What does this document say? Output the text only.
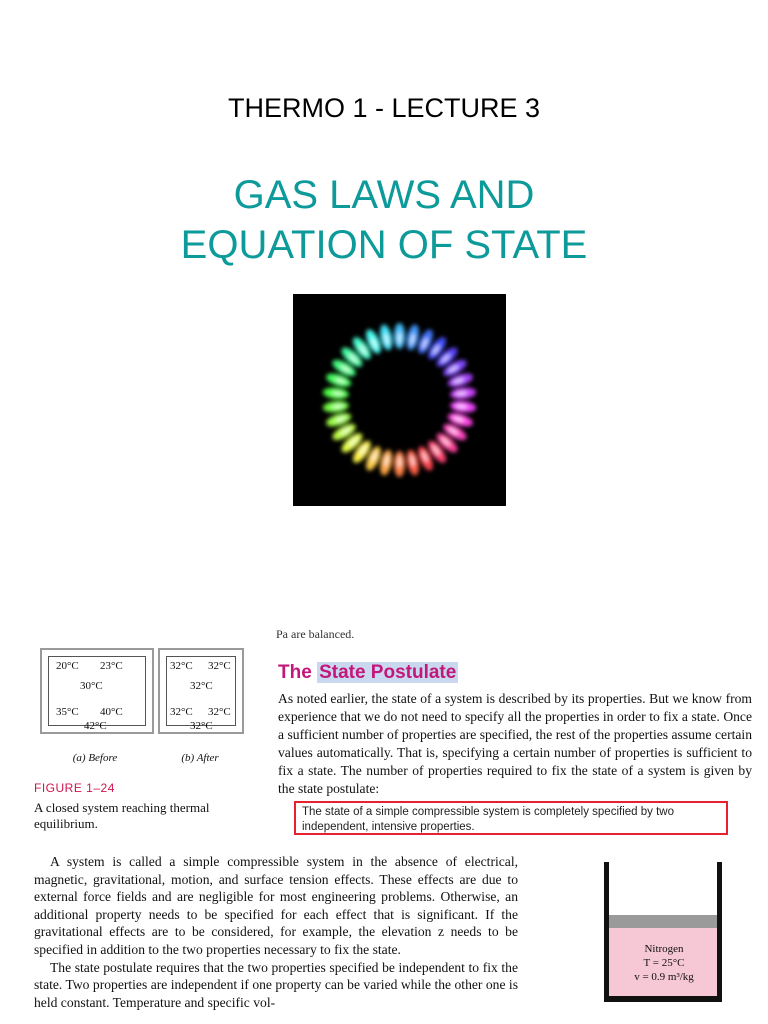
THERMO 1 - LECTURE 3
GAS LAWS AND
EQUATION OF STATE
Pa are balanced.
20°C 23°C
30°C
35°C 40°C
42°C
(a) Before
32°C 32°C
32°C
32°C 32°C
32°C
(b) After
FIGURE 1–24
A closed system reaching thermal equilibrium.
The State Postulate
As noted earlier, the state of a system is described by its properties. But we know from experience that we do not need to specify all the properties in order to fix a state. Once a sufficient number of properties are specified, the rest of the properties assume certain values automatically. That is, specifying a certain number of properties is sufficient to fix a state. The number of properties required to fix the state of a system is given by the state postulate:
The state of a simple compressible system is completely specified by two independent, intensive properties.

A system is called a simple compressible system in the absence of electrical, magnetic, gravitational, motion, and surface tension effects. These effects are due to external force fields and are negligible for most engineering problems. Otherwise, an additional property needs to be specified for each effect that is significant. If the gravitational effects are to be considered, for example, the elevation z needs to be specified in addition to the two properties necessary to fix the state.

The state postulate requires that the two properties specified be independent to fix the state. Two properties are independent if one property can be varied while the other one is held constant. Temperature and specific vol-

Nitrogen
T = 25°C
v = 0.9 m³/kg
